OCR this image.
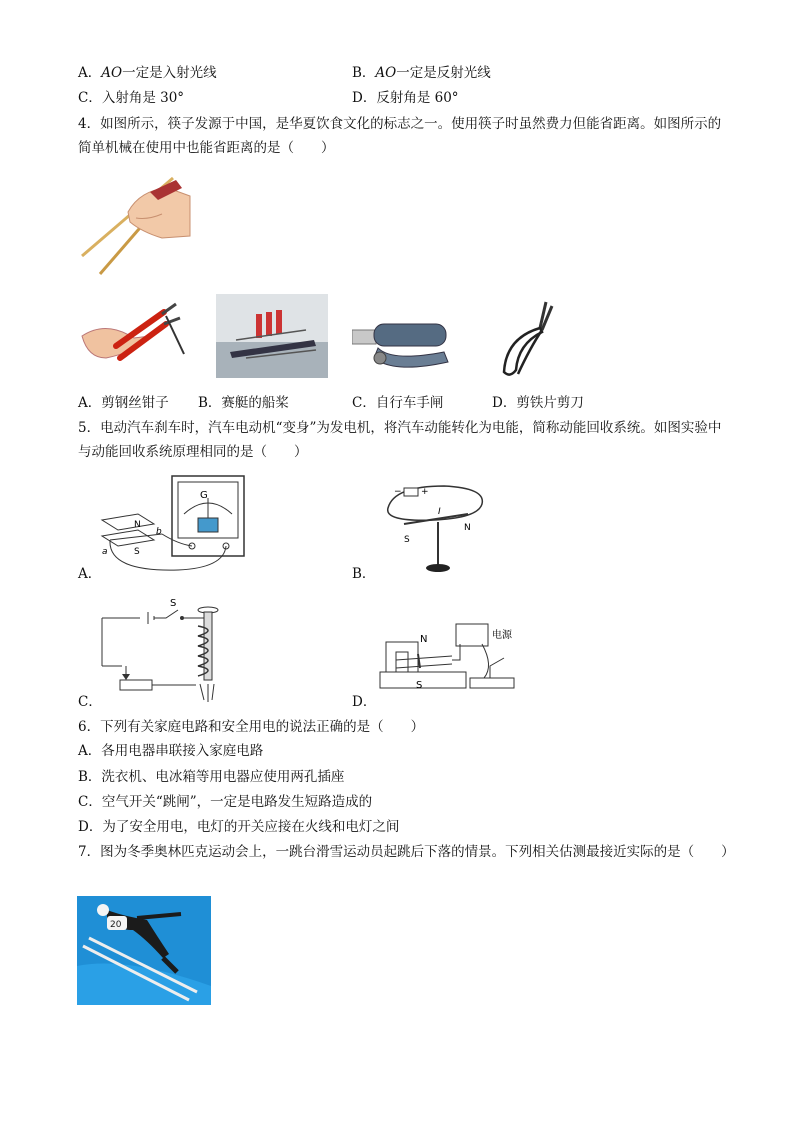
A．AO一定是入射光线	B．AO一定是反射光线
C．入射角是 30°	D．反射角是 60°
4．如图所示，筷子发源于中国，是华夏饮食文化的标志之一。使用筷子时虽然费力但能省距离。如图所示的简单机械在使用中也能省距离的是（　　）
A．剪钢丝钳子 B．赛艇的船桨	C．自行车手闸	D．剪铁片剪刀
5．电动汽车刹车时，汽车电动机“变身”为发电机，将汽车动能转化为电能，简称动能回收系统。如图实验中与动能回收系统原理相同的是（　　）
G
N
S
a
b
A．
+
−
I
S
N
B．
S
C．
N
S
电源
D．
6．下列有关家庭电路和安全用电的说法正确的是（　　）
A．各用电器串联接入家庭电路
B．洗衣机、电冰箱等用电器应使用两孔插座
C．空气开关“跳闸”，一定是电路发生短路造成的
D．为了安全用电，电灯的开关应接在火线和电灯之间
7．图为冬季奥林匹克运动会上，一跳台滑雪运动员起跳后下落的情景。下列相关估测最接近实际的是（　　）
20
